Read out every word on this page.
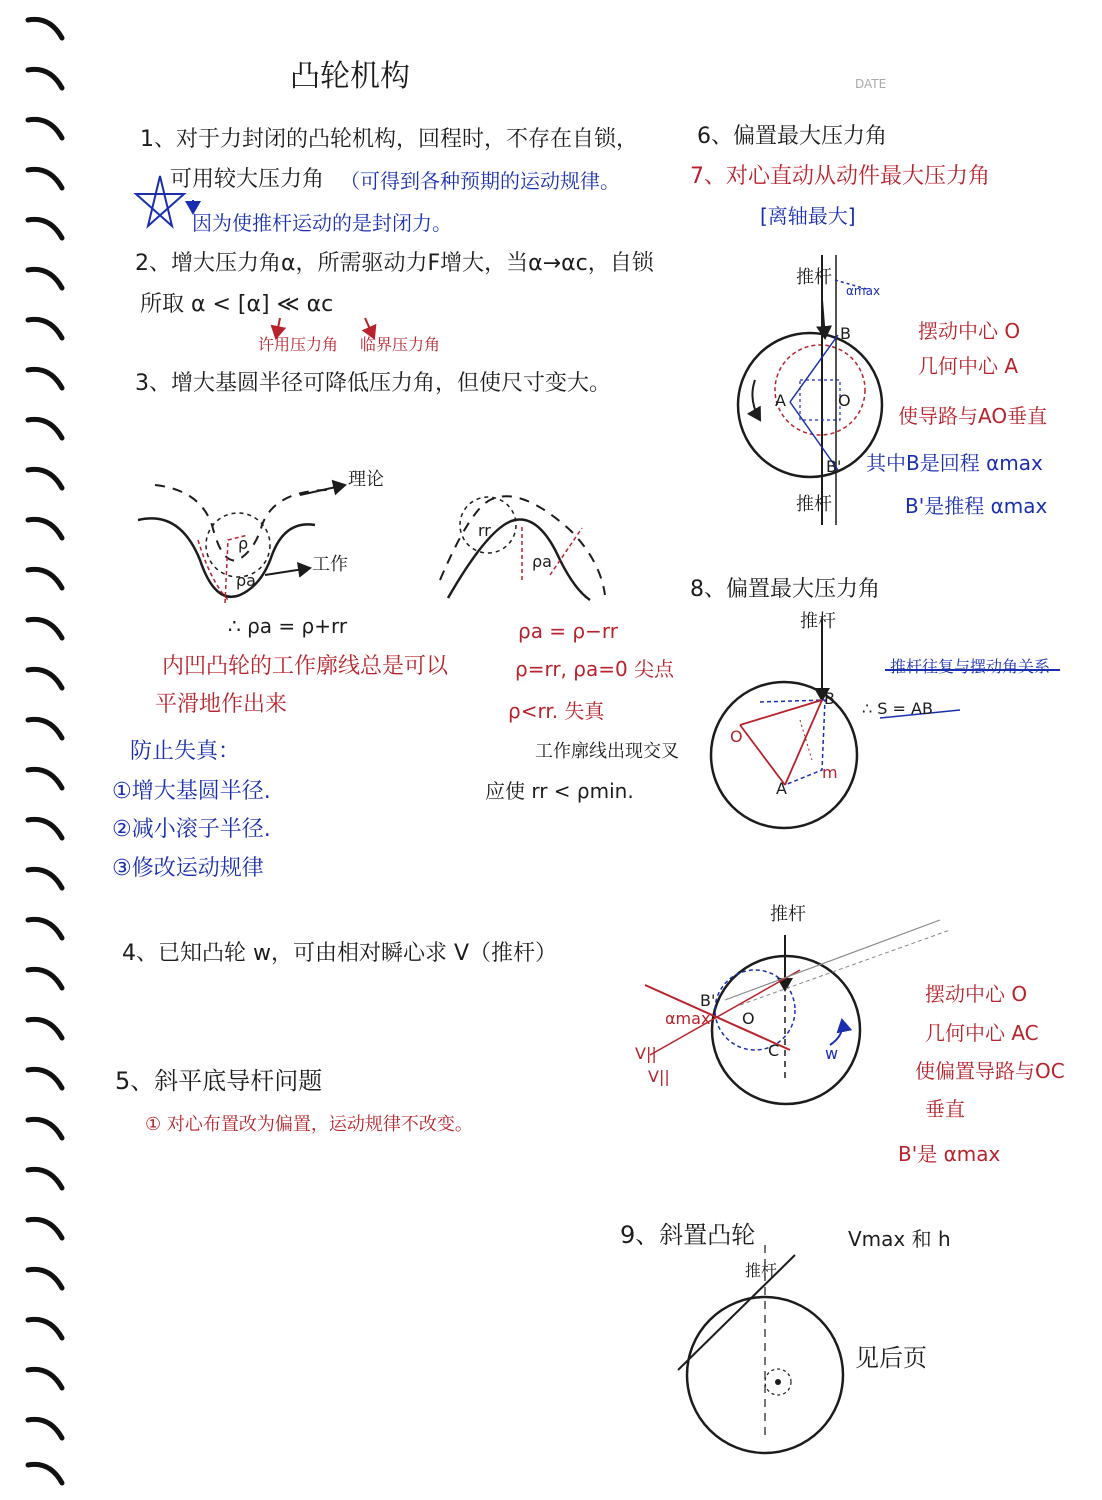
凸轮机构	DATE
1、对于力封闭的凸轮机构，回程时，不存在自锁，
可用较大压力角 （可得到各种预期的运动规律。
因为使推杆运动的是封闭力。
2、增大压力角α，所需驱动力F增大，当α→αc，自锁
所取 α < [α] ≪ αc
许用压力角 临界压力角
3、增大基圆半径可降低压力角，但使尺寸变大。
理论
工作
ρ
ρa
rr
ρa
∴ ρa = ρ+rr	ρa = ρ−rr
ρ=rr, ρa=0 尖点
ρ<rr. 失真
工作廓线出现交叉
应使 rr < ρmin.
内凹凸轮的工作廓线总是可以
平滑地作出来
防止失真：
①增大基圆半径.
②减小滚子半径.
③修改运动规律
4、已知凸轮 w，可由相对瞬心求 V（推杆）
5、斜平底导杆问题
① 对心布置改为偏置，运动规律不改变。
6、偏置最大压力角
7、对心直动从动件最大压力角
[离轴最大]
推杆
推杆
αmax
B
A	O
B'
摆动中心 O
几何中心 A
使导路与AO垂直
其中B是回程 αmax
B'是推程 αmax
8、偏置最大压力角
推杆
推杆往复与摆动角关系
∴ S = AB
B
A
O
m
推杆
αmax
B'
O
C	w
V||
V||
摆动中心 O
几何中心 AC
使偏置导路与OC
垂直
B'是 αmax
9、斜置凸轮
推杆
Vmax 和 h
见后页
